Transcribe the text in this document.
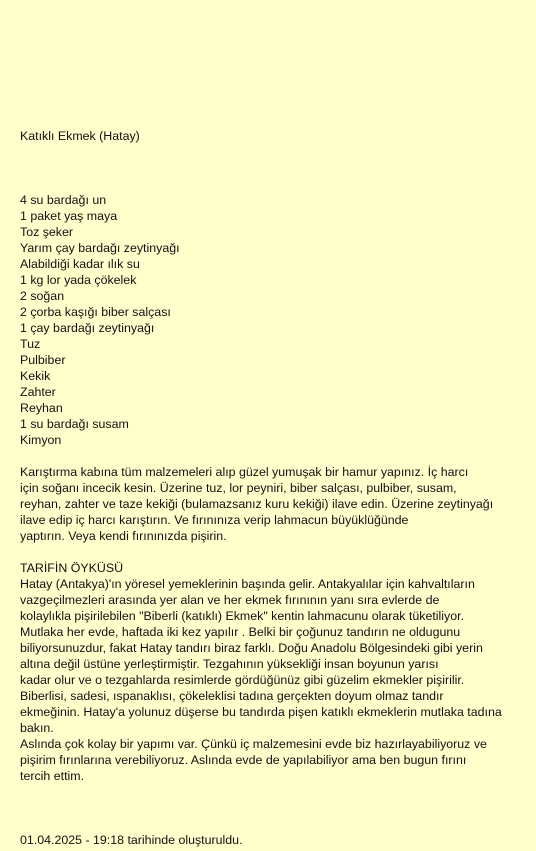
Katıklı Ekmek (Hatay)
4 su bardağı un
1 paket yaş maya
Toz şeker
Yarım çay bardağı zeytinyağı
Alabildiği kadar ılık su
1 kg lor yada çökelek
2 soğan
2 çorba kaşığı biber salçası
1 çay bardağı zeytinyağı
Tuz
Pulbiber
Kekik
Zahter
Reyhan
1 su bardağı susam
Kimyon
Karıştırma kabına tüm malzemeleri alıp güzel yumuşak bir hamur yapınız. İç harcı
için soğanı incecik kesin. Üzerine tuz, lor peyniri, biber salçası, pulbiber, susam,
reyhan, zahter ve taze kekiği (bulamazsanız kuru kekiği) ilave edin. Üzerine zeytinyağı
ilave edip iç harcı karıştırın. Ve fırınınıza verip lahmacun büyüklüğünde
yaptırın. Veya kendi fırınınızda pişirin.
TARİFİN ÖYKÜSÜ
Hatay (Antakya)'ın yöresel yemeklerinin başında gelir. Antakyalılar için kahvaltıların
vazgeçilmezleri arasında yer alan ve her ekmek fırınının yanı sıra evlerde de
kolaylıkla pişirilebilen "Biberli (katıklı) Ekmek" kentin lahmacunu olarak tüketiliyor.
Mutlaka her evde, haftada iki kez yapılır . Belki bir çoğunuz tandırın ne oldugunu
biliyorsunuzdur, fakat Hatay tandırı biraz farklı. Doğu Anadolu Bölgesindeki gibi yerin
altına değil üstüne yerleştirmiştir. Tezgahının yüksekliği insan boyunun yarısı
kadar olur ve o tezgahlarda resimlerde gördüğünüz gibi güzelim ekmekler pişirilir.
Biberlisi, sadesi, ıspanaklısı, çökeleklisi tadına gerçekten doyum olmaz tandır
ekmeğinin. Hatay'a yolunuz düşerse bu tandırda pişen katıklı ekmeklerin mutlaka tadına
bakın.
Aslında çok kolay bir yapımı var. Çünkü iç malzemesini evde biz hazırlayabiliyoruz ve
pişirim fırınlarına verebiliyoruz. Aslında evde de yapılabiliyor ama ben bugun fırını
tercih ettim.
01.04.2025 - 19:18 tarihinde oluşturuldu.
